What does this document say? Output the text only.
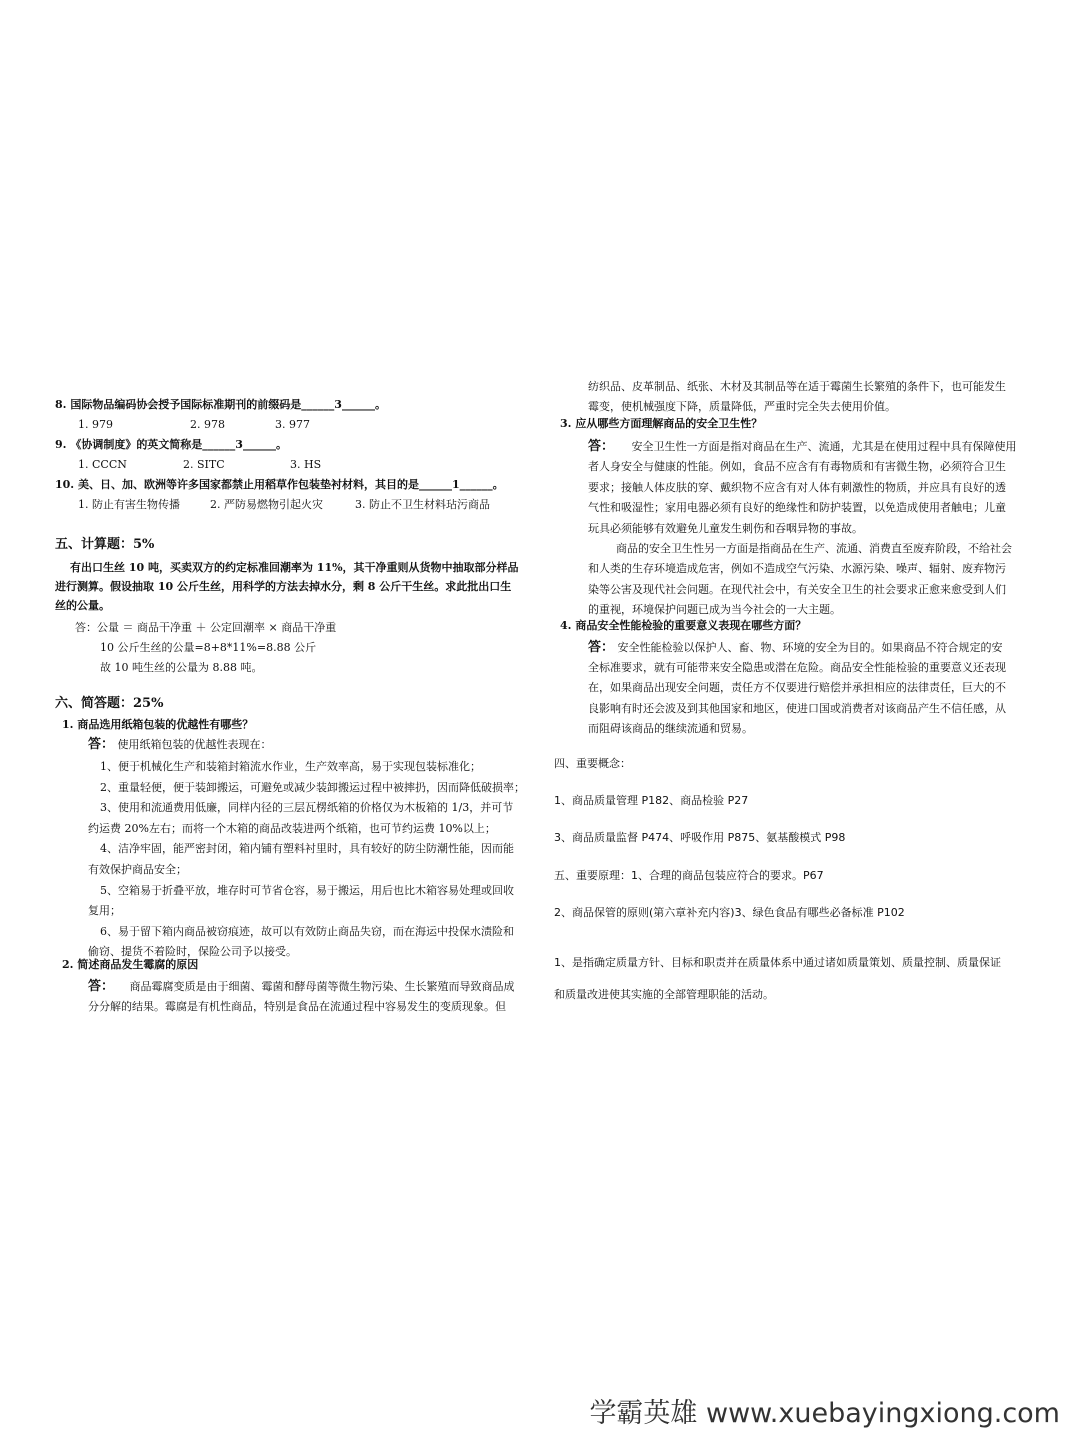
8. 国际物品编码协会授予国际标准期刊的前缀码是______3______。
1. 979	2. 978	3. 977
9. 《协调制度》的英文简称是______3______。
1. CCCN	2. SITC	3. HS
10. 美、日、加、欧洲等许多国家都禁止用稻草作包装垫衬材料，其目的是______1______。
1. 防止有害生物传播	2. 严防易燃物引起火灾	3. 防止不卫生材料玷污商品
五、计算题：5%
有出口生丝 10 吨，买卖双方的约定标准回潮率为 11%，其干净重则从货物中抽取部分样品
进行测算。假设抽取 10 公斤生丝，用科学的方法去掉水分，剩 8 公斤干生丝。求此批出口生
丝的公量。
答：公量 ＝ 商品干净重 ＋ 公定回潮率 × 商品干净重
10 公斤生丝的公量=8+8*11%=8.88 公斤
故 10 吨生丝的公量为 8.88 吨。
六、简答题：25%
1. 商品选用纸箱包装的优越性有哪些？
答： 使用纸箱包装的优越性表现在：
1、便于机械化生产和装箱封箱流水作业，生产效率高，易于实现包装标准化；
2、重量轻便，便于装卸搬运，可避免或减少装卸搬运过程中被摔扔，因而降低破损率；
3、使用和流通费用低廉，同样内径的三层瓦楞纸箱的价格仅为木板箱的 1/3，并可节
约运费 20%左右；而将一个木箱的商品改装进两个纸箱，也可节约运费 10%以上；
4、洁净牢固，能严密封闭，箱内铺有塑料衬里时，具有较好的防尘防潮性能，因而能
有效保护商品安全；
5、空箱易于折叠平放，堆存时可节省仓容，易于搬运，用后也比木箱容易处理或回收
复用；
6、易于留下箱内商品被窃痕迹，故可以有效防止商品失窃，而在海运中投保水渍险和
偷窃、提货不着险时，保险公司予以接受。
2. 简述商品发生霉腐的原因
答： 商品霉腐变质是由于细菌、霉菌和酵母菌等微生物污染、生长繁殖而导致商品成
分分解的结果。霉腐是有机性商品，特别是食品在流通过程中容易发生的变质现象。但
纺织品、皮革制品、纸张、木材及其制品等在适于霉菌生长繁殖的条件下，也可能发生
霉变，使机械强度下降，质量降低，严重时完全失去使用价值。
3. 应从哪些方面理解商品的安全卫生性？
答： 安全卫生性一方面是指对商品在生产、流通，尤其是在使用过程中具有保障使用
者人身安全与健康的性能。例如，食品不应含有有毒物质和有害微生物，必须符合卫生
要求；接触人体皮肤的穿、戴织物不应含有对人体有刺激性的物质，并应具有良好的透
气性和吸湿性；家用电器必须有良好的绝缘性和防护装置，以免造成使用者触电；儿童
玩具必须能够有效避免儿童发生刺伤和吞咽异物的事故。
商品的安全卫生性另一方面是指商品在生产、流通、消费直至废弃阶段，不给社会
和人类的生存环境造成危害，例如不造成空气污染、水源污染、噪声、辐射、废弃物污
染等公害及现代社会问题。在现代社会中，有关安全卫生的社会要求正愈来愈受到人们
的重视，环境保护问题已成为当今社会的一大主题。
4. 商品安全性能检验的重要意义表现在哪些方面？
答： 安全性能检验以保护人、畜、物、环境的安全为目的。如果商品不符合规定的安
全标准要求，就有可能带来安全隐患或潜在危险。商品安全性能检验的重要意义还表现
在，如果商品出现安全问题，责任方不仅要进行赔偿并承担相应的法律责任，巨大的不
良影响有时还会波及到其他国家和地区，使进口国或消费者对该商品产生不信任感，从
而阻碍该商品的继续流通和贸易。
四、重要概念：
1、商品质量管理 P182、商品检验 P27
3、商品质量监督 P474、呼吸作用 P875、氨基酸模式 P98
五、重要原理：1、合理的商品包装应符合的要求。P67
2、商品保管的原则(第六章补充内容)3、绿色食品有哪些必备标准 P102
1、是指确定质量方针、目标和职责并在质量体系中通过诸如质量策划、质量控制、质量保证
和质量改进使其实施的全部管理职能的活动。
学霸英雄 www.xuebayingxiong.com
